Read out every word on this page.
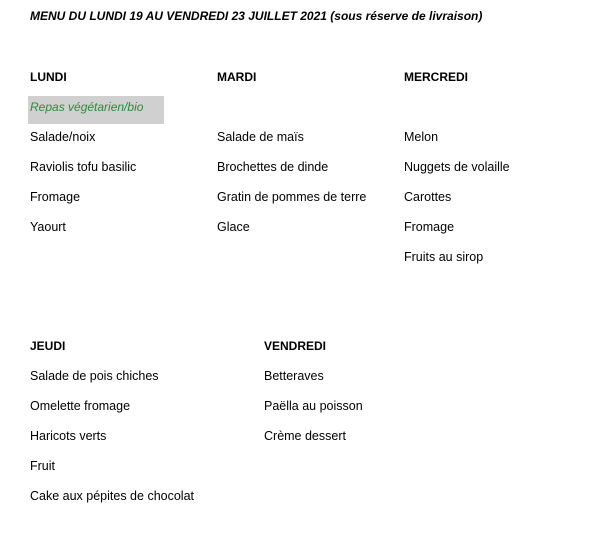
MENU DU LUNDI 19 AU VENDREDI 23 JUILLET 2021 (sous réserve de livraison)
LUNDI
Repas végétarien/bio
Salade/noix
Raviolis tofu basilic
Fromage
Yaourt
MARDI
Salade de maïs
Brochettes de dinde
Gratin de pommes de terre
Glace
MERCREDI
Melon
Nuggets de volaille
Carottes
Fromage
Fruits au sirop
JEUDI
Salade de pois chiches
Omelette fromage
Haricots verts
Fruit
Cake aux pépites de chocolat
VENDREDI
Betteraves
Paëlla au poisson
Crème dessert
